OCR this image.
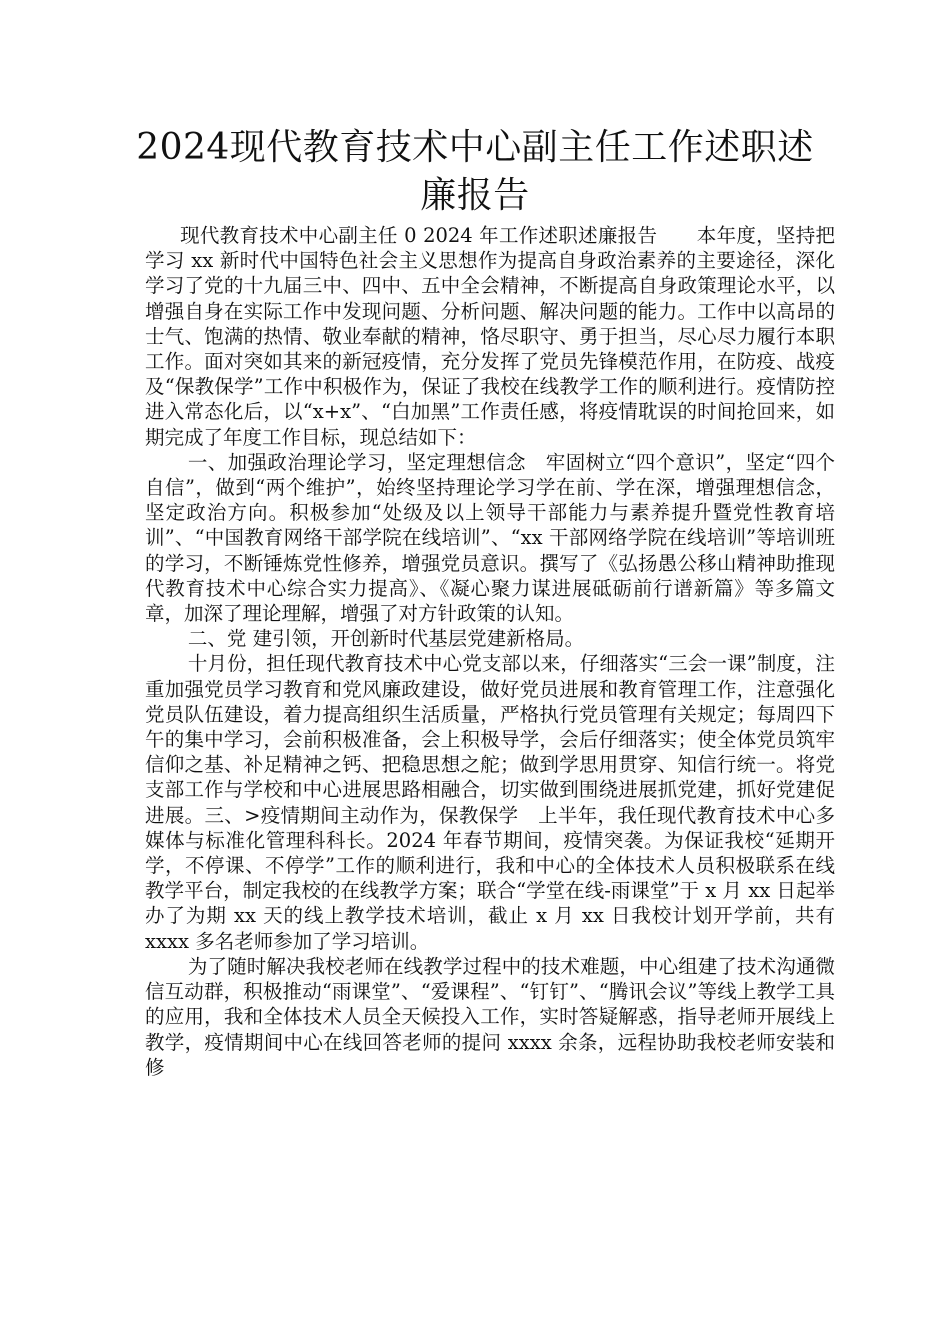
2024现代教育技术中心副主任工作述职述廉报告

现代教育技术中心副主任 0 2024 年工作述职述廉报告　　本年度，坚持把学习 xx 新时代中国特色社会主义思想作为提高自身政治素养的主要途径，深化学习了党的十九届三中、四中、五中全会精神，不断提高自身政策理论水平，以增强自身在实际工作中发现问题、分析问题、解决问题的能力。工作中以高昂的士气、饱满的热情、敬业奉献的精神，恪尽职守、勇于担当，尽心尽力履行本职工作。面对突如其来的新冠疫情，充分发挥了党员先锋模范作用，在防疫、战疫及“保教保学”工作中积极作为，保证了我校在线教学工作的顺利进行。疫情防控进入常态化后，以“x+x”、“白加黑”工作责任感，将疫情耽误的时间抢回来，如期完成了年度工作目标，现总结如下：

一、加强政治理论学习，坚定理想信念　牢固树立“四个意识”，坚定“四个自信”，做到“两个维护”，始终坚持理论学习学在前、学在深，增强理想信念，坚定政治方向。积极参加“处级及以上领导干部能力与素养提升暨党性教育培训”、“中国教育网络干部学院在线培训”、“xx 干部网络学院在线培训”等培训班的学习，不断锤炼党性修养，增强党员意识。撰写了《弘扬愚公移山精神助推现代教育技术中心综合实力提高》、《凝心聚力谋进展砥砺前行谱新篇》等多篇文章，加深了理论理解，增强了对方针政策的认知。

二、党 建引领，开创新时代基层党建新格局。

十月份，担任现代教育技术中心党支部以来，仔细落实“三会一课”制度，注重加强党员学习教育和党风廉政建设，做好党员进展和教育管理工作，注意强化党员队伍建设，着力提高组织生活质量，严格执行党员管理有关规定；每周四下午的集中学习，会前积极准备，会上积极导学，会后仔细落实；使全体党员筑牢信仰之基、补足精神之钙、把稳思想之舵；做到学思用贯穿、知信行统一。将党支部工作与学校和中心进展思路相融合，切实做到围绕进展抓党建，抓好党建促进展。三、>疫情期间主动作为，保教保学　上半年，我任现代教育技术中心多媒体与标准化管理科科长。2024 年春节期间，疫情突袭。为保证我校“延期开学，不停课、不停学”工作的顺利进行，我和中心的全体技术人员积极联系在线教学平台，制定我校的在线教学方案；联合“学堂在线-雨课堂”于 x 月 xx 日起举办了为期 xx 天的线上教学技术培训，截止 x 月 xx 日我校计划开学前，共有 xxxx 多名老师参加了学习培训。

为了随时解决我校老师在线教学过程中的技术难题，中心组建了技术沟通微信互动群，积极推动“雨课堂”、“爱课程”、“钉钉”、“腾讯会议”等线上教学工具的应用，我和全体技术人员全天候投入工作，实时答疑解惑，指导老师开展线上教学，疫情期间中心在线回答老师的提问 xxxx 余条，远程协助我校老师安装和修
